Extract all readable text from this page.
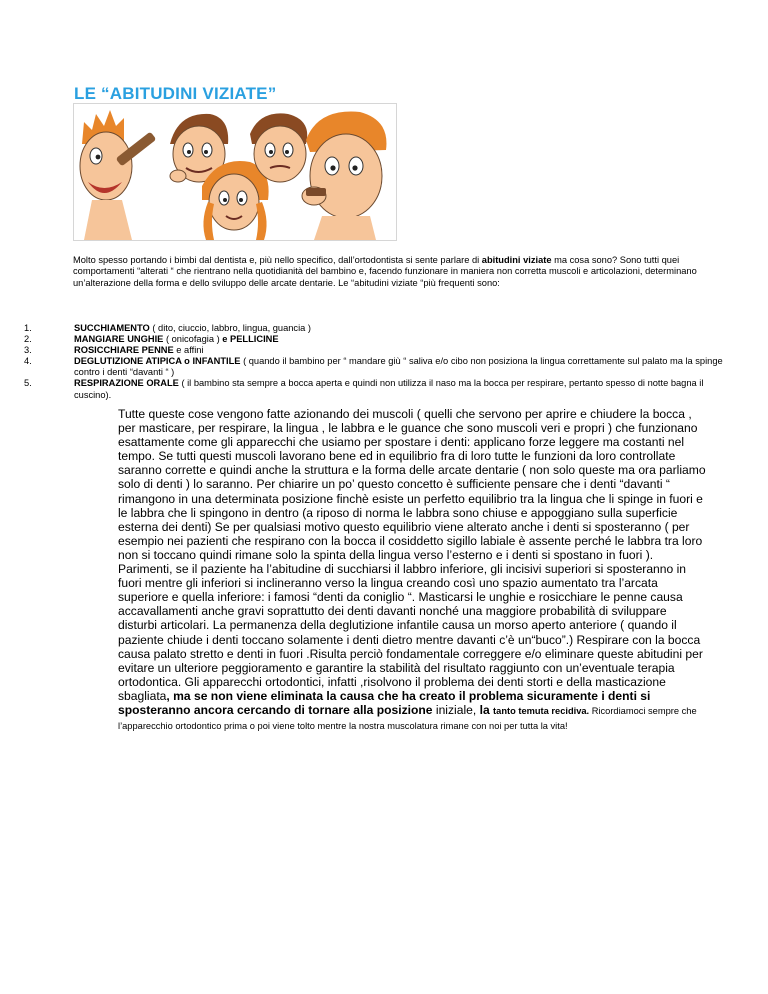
LE “ABITUDINI VIZIATE”

Molto spesso portando i bimbi dal dentista e, più nello specifico, dall’ortodontista si sente parlare di abitudini viziate ma cosa sono? Sono tutti quei comportamenti “alterati “ che rientrano nella quotidianità del bambino e, facendo funzionare in maniera non corretta muscoli e articolazioni, determinano un’alterazione della forma e dello sviluppo delle arcate dentarie. Le “abitudini viziate “più frequenti sono:

1.	SUCCHIAMENTO ( dito, ciuccio, labbro, lingua, guancia )
2.	MANGIARE UNGHIE ( onicofagia ) e PELLICINE
3.	ROSICCHIARE PENNE e affini
4.	DEGLUTIZIONE ATIPICA o INFANTILE ( quando il bambino per “ mandare giù “ saliva e/o cibo non posiziona la lingua correttamente sul palato ma la spinge contro i denti “davanti “ )
5.	RESPIRAZIONE ORALE ( il bambino sta sempre a bocca aperta e quindi non utilizza il naso ma la bocca per respirare, pertanto spesso di notte bagna il cuscino).

Tutte queste cose vengono fatte azionando dei muscoli ( quelli che servono per aprire e chiudere la bocca , per masticare, per respirare, la lingua , le labbra e le guance che sono muscoli veri e propri ) che funzionano esattamente come gli apparecchi che usiamo per spostare i denti: applicano forze leggere ma costanti nel tempo. Se tutti questi muscoli lavorano bene ed in equilibrio fra di loro tutte le funzioni da loro controllate saranno corrette e quindi anche la struttura e la forma delle arcate dentarie ( non solo queste ma ora parliamo solo di denti ) lo saranno. Per chiarire un po’ questo concetto è sufficiente pensare che i denti “davanti “ rimangono in una determinata posizione finchè esiste un perfetto equilibrio tra la lingua che li spinge in fuori e le labbra che li spingono in dentro (a riposo di norma le labbra sono chiuse e appoggiano sulla superficie esterna dei denti) Se per qualsiasi motivo questo equilibrio viene alterato anche i denti si sposteranno ( per esempio nei pazienti che respirano con la bocca il cosiddetto sigillo labiale è assente perché le labbra tra loro non si toccano quindi rimane solo la spinta della lingua verso l’esterno e i denti si spostano in fuori ). Parimenti, se il paziente ha l’abitudine di succhiarsi il labbro inferiore, gli incisivi superiori si sposteranno in fuori mentre gli inferiori si inclineranno verso la lingua creando così uno spazio aumentato tra l’arcata superiore e quella inferiore: i famosi “denti da coniglio “. Masticarsi le unghie e rosicchiare le penne causa accavallamenti anche gravi soprattutto dei denti davanti nonché una maggiore probabilità di sviluppare disturbi articolari. La permanenza della deglutizione infantile causa un morso aperto anteriore ( quando il paziente chiude i denti toccano solamente i denti dietro mentre davanti c’è un“buco”.) Respirare con la bocca causa palato stretto e denti in fuori .Risulta perciò fondamentale correggere e/o eliminare queste abitudini per evitare un ulteriore peggioramento e garantire la stabilità del risultato raggiunto con un’eventuale terapia ortodontica. Gli apparecchi ortodontici, infatti ,risolvono il problema dei denti storti e della masticazione sbagliata, ma se non viene eliminata la causa che ha creato il problema sicuramente i denti si sposteranno ancora cercando di tornare alla posizione iniziale, la tanto temuta recidiva. Ricordiamoci sempre che l’apparecchio ortodontico prima o poi viene tolto mentre la nostra muscolatura rimane con noi per tutta la vita!
